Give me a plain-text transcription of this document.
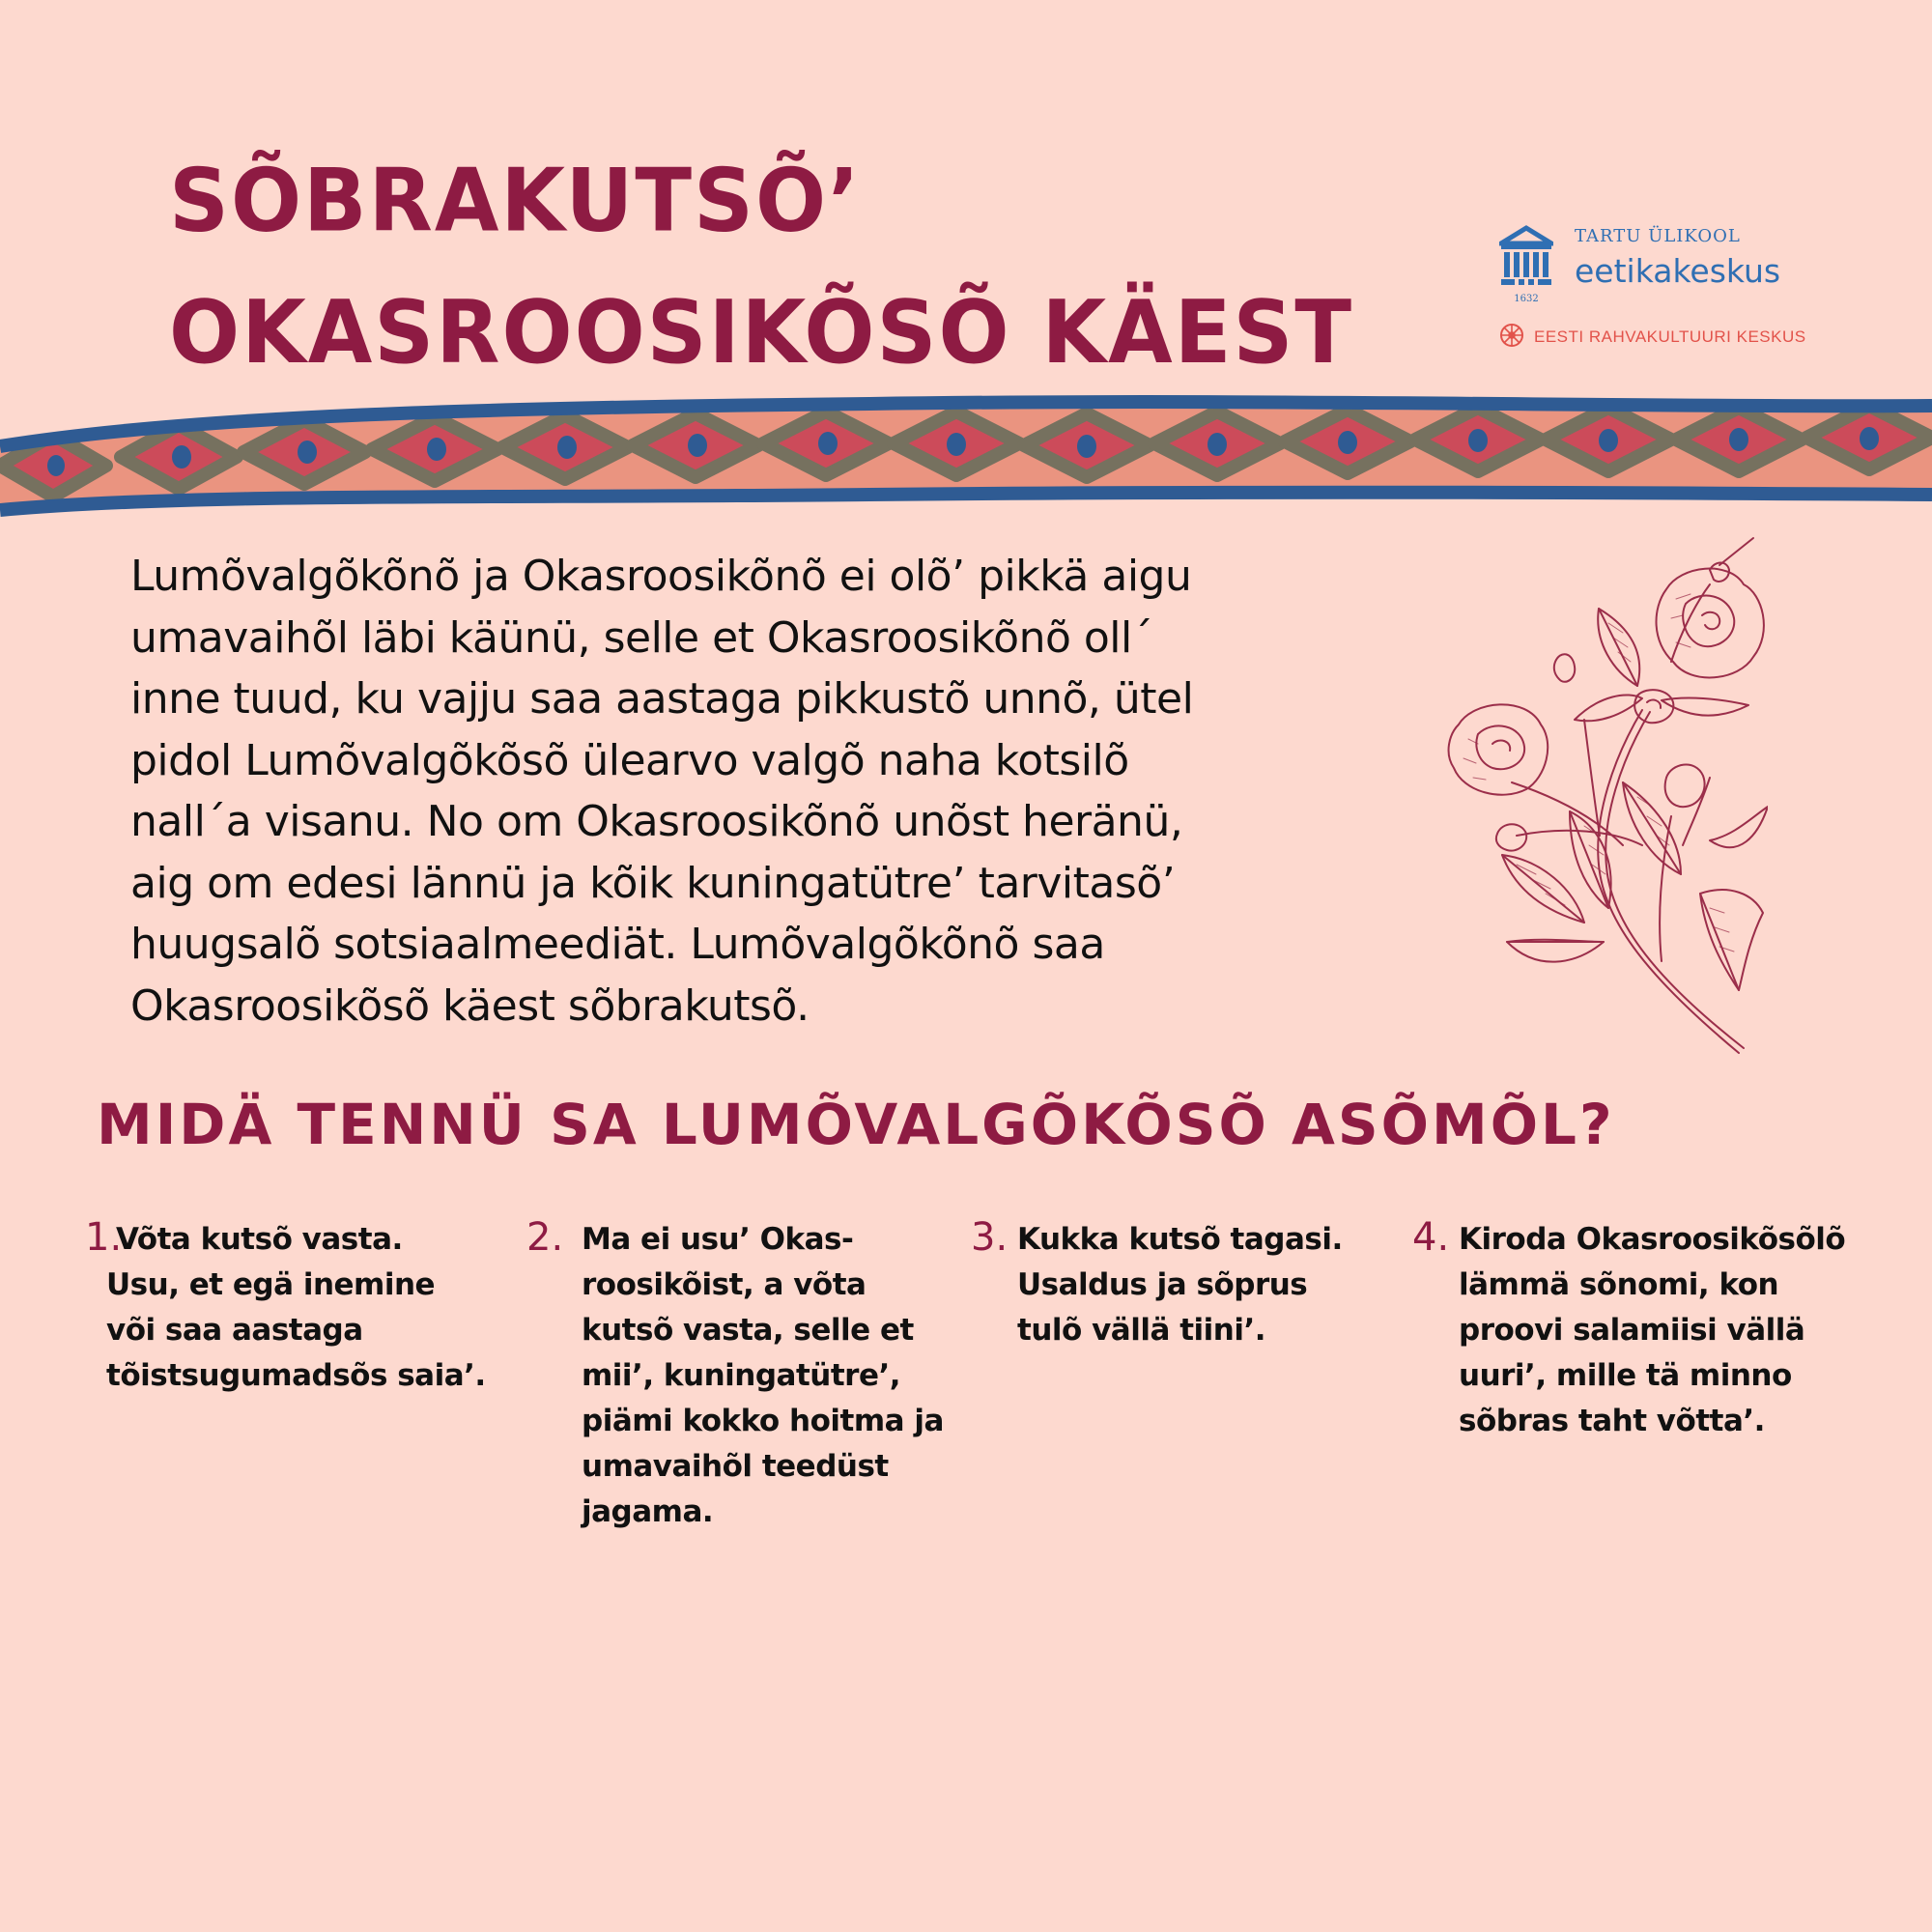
SÕBRAKUTSÕ’
OKASROOSIKÕSÕ KÄEST	1632
TARTU ÜLIKOOL
eetikakeskus
EESTI RAHVAKULTUURI KESKUS
Lumõvalgõkõnõ ja Okasroosikõnõ ei olõ’ pikkä aigu
umavaihõl läbi käünü, selle et Okasroosikõnõ oll´
inne tuud, ku vajju saa aastaga pikkustõ unnõ, ütel
pidol Lumõvalgõkõsõ ülearvo valgõ naha kotsilõ
nall´a visanu. No om Okasroosikõnõ unõst heränü,
aig om edesi lännü ja kõik kuningatütre’ tarvitasõ’
huugsalõ sotsiaalmeediät. Lumõvalgõkõnõ saa
Okasroosikõsõ käest sõbrakutsõ.
MIDÄ TENNÜ SA LUMÕVALGÕKÕSÕ ASÕMÕL?
1.
Võta kutsõ vasta.
Usu, et egä inemine
või saa aastaga
tõistsugumadsõs saia’.
2. Ma ei usu’ Okas-
roosikõist, a võta
kutsõ vasta, selle et
mii’, kuningatütre’,
piämi kokko hoitma ja
umavaihõl teedüst
jagama.
3. Kukka kutsõ tagasi.
Usaldus ja sõprus
tulõ vällä tiini’.
4. Kiroda Okasroosikõsõlõ
lämmä sõnomi, kon
proovi salamiisi vällä
uuri’, mille tä minno
sõbras taht võtta’.
